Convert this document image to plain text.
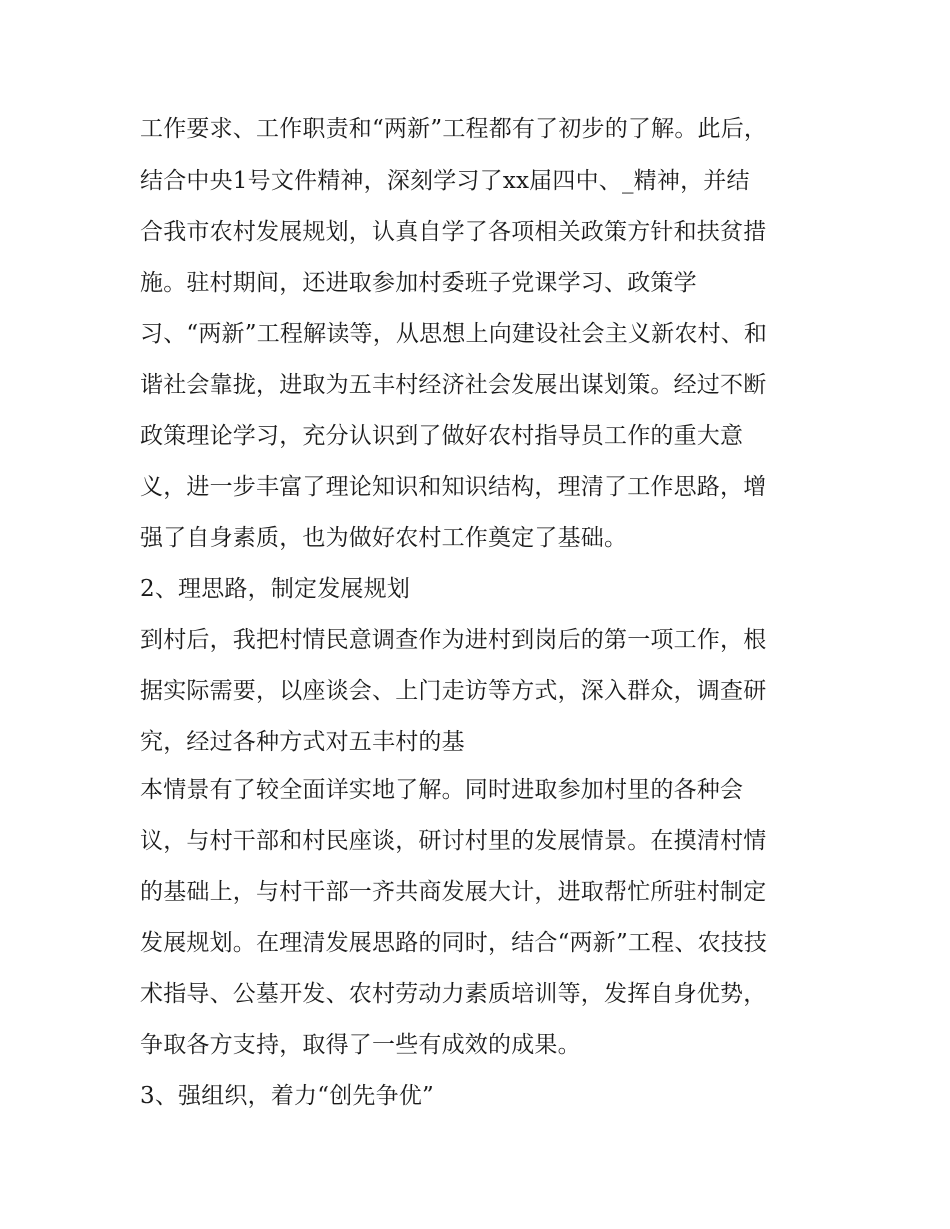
工作要求、工作职责和“两新”工程都有了初步的了解。此后，
结合中央1号文件精神，深刻学习了xx届四中、_精神，并结
合我市农村发展规划，认真自学了各项相关政策方针和扶贫措
施。驻村期间，还进取参加村委班子党课学习、政策学
习、“两新”工程解读等，从思想上向建设社会主义新农村、和
谐社会靠拢，进取为五丰村经济社会发展出谋划策。经过不断
政策理论学习，充分认识到了做好农村指导员工作的重大意
义，进一步丰富了理论知识和知识结构，理清了工作思路，增
强了自身素质，也为做好农村工作奠定了基础。
2、理思路，制定发展规划
到村后，我把村情民意调查作为进村到岗后的第一项工作，根
据实际需要，以座谈会、上门走访等方式，深入群众，调查研
究，经过各种方式对五丰村的基
本情景有了较全面详实地了解。同时进取参加村里的各种会
议，与村干部和村民座谈，研讨村里的发展情景。在摸清村情
的基础上，与村干部一齐共商发展大计，进取帮忙所驻村制定
发展规划。在理清发展思路的同时，结合“两新”工程、农技技
术指导、公墓开发、农村劳动力素质培训等，发挥自身优势，
争取各方支持，取得了一些有成效的成果。
3、强组织，着力“创先争优”
